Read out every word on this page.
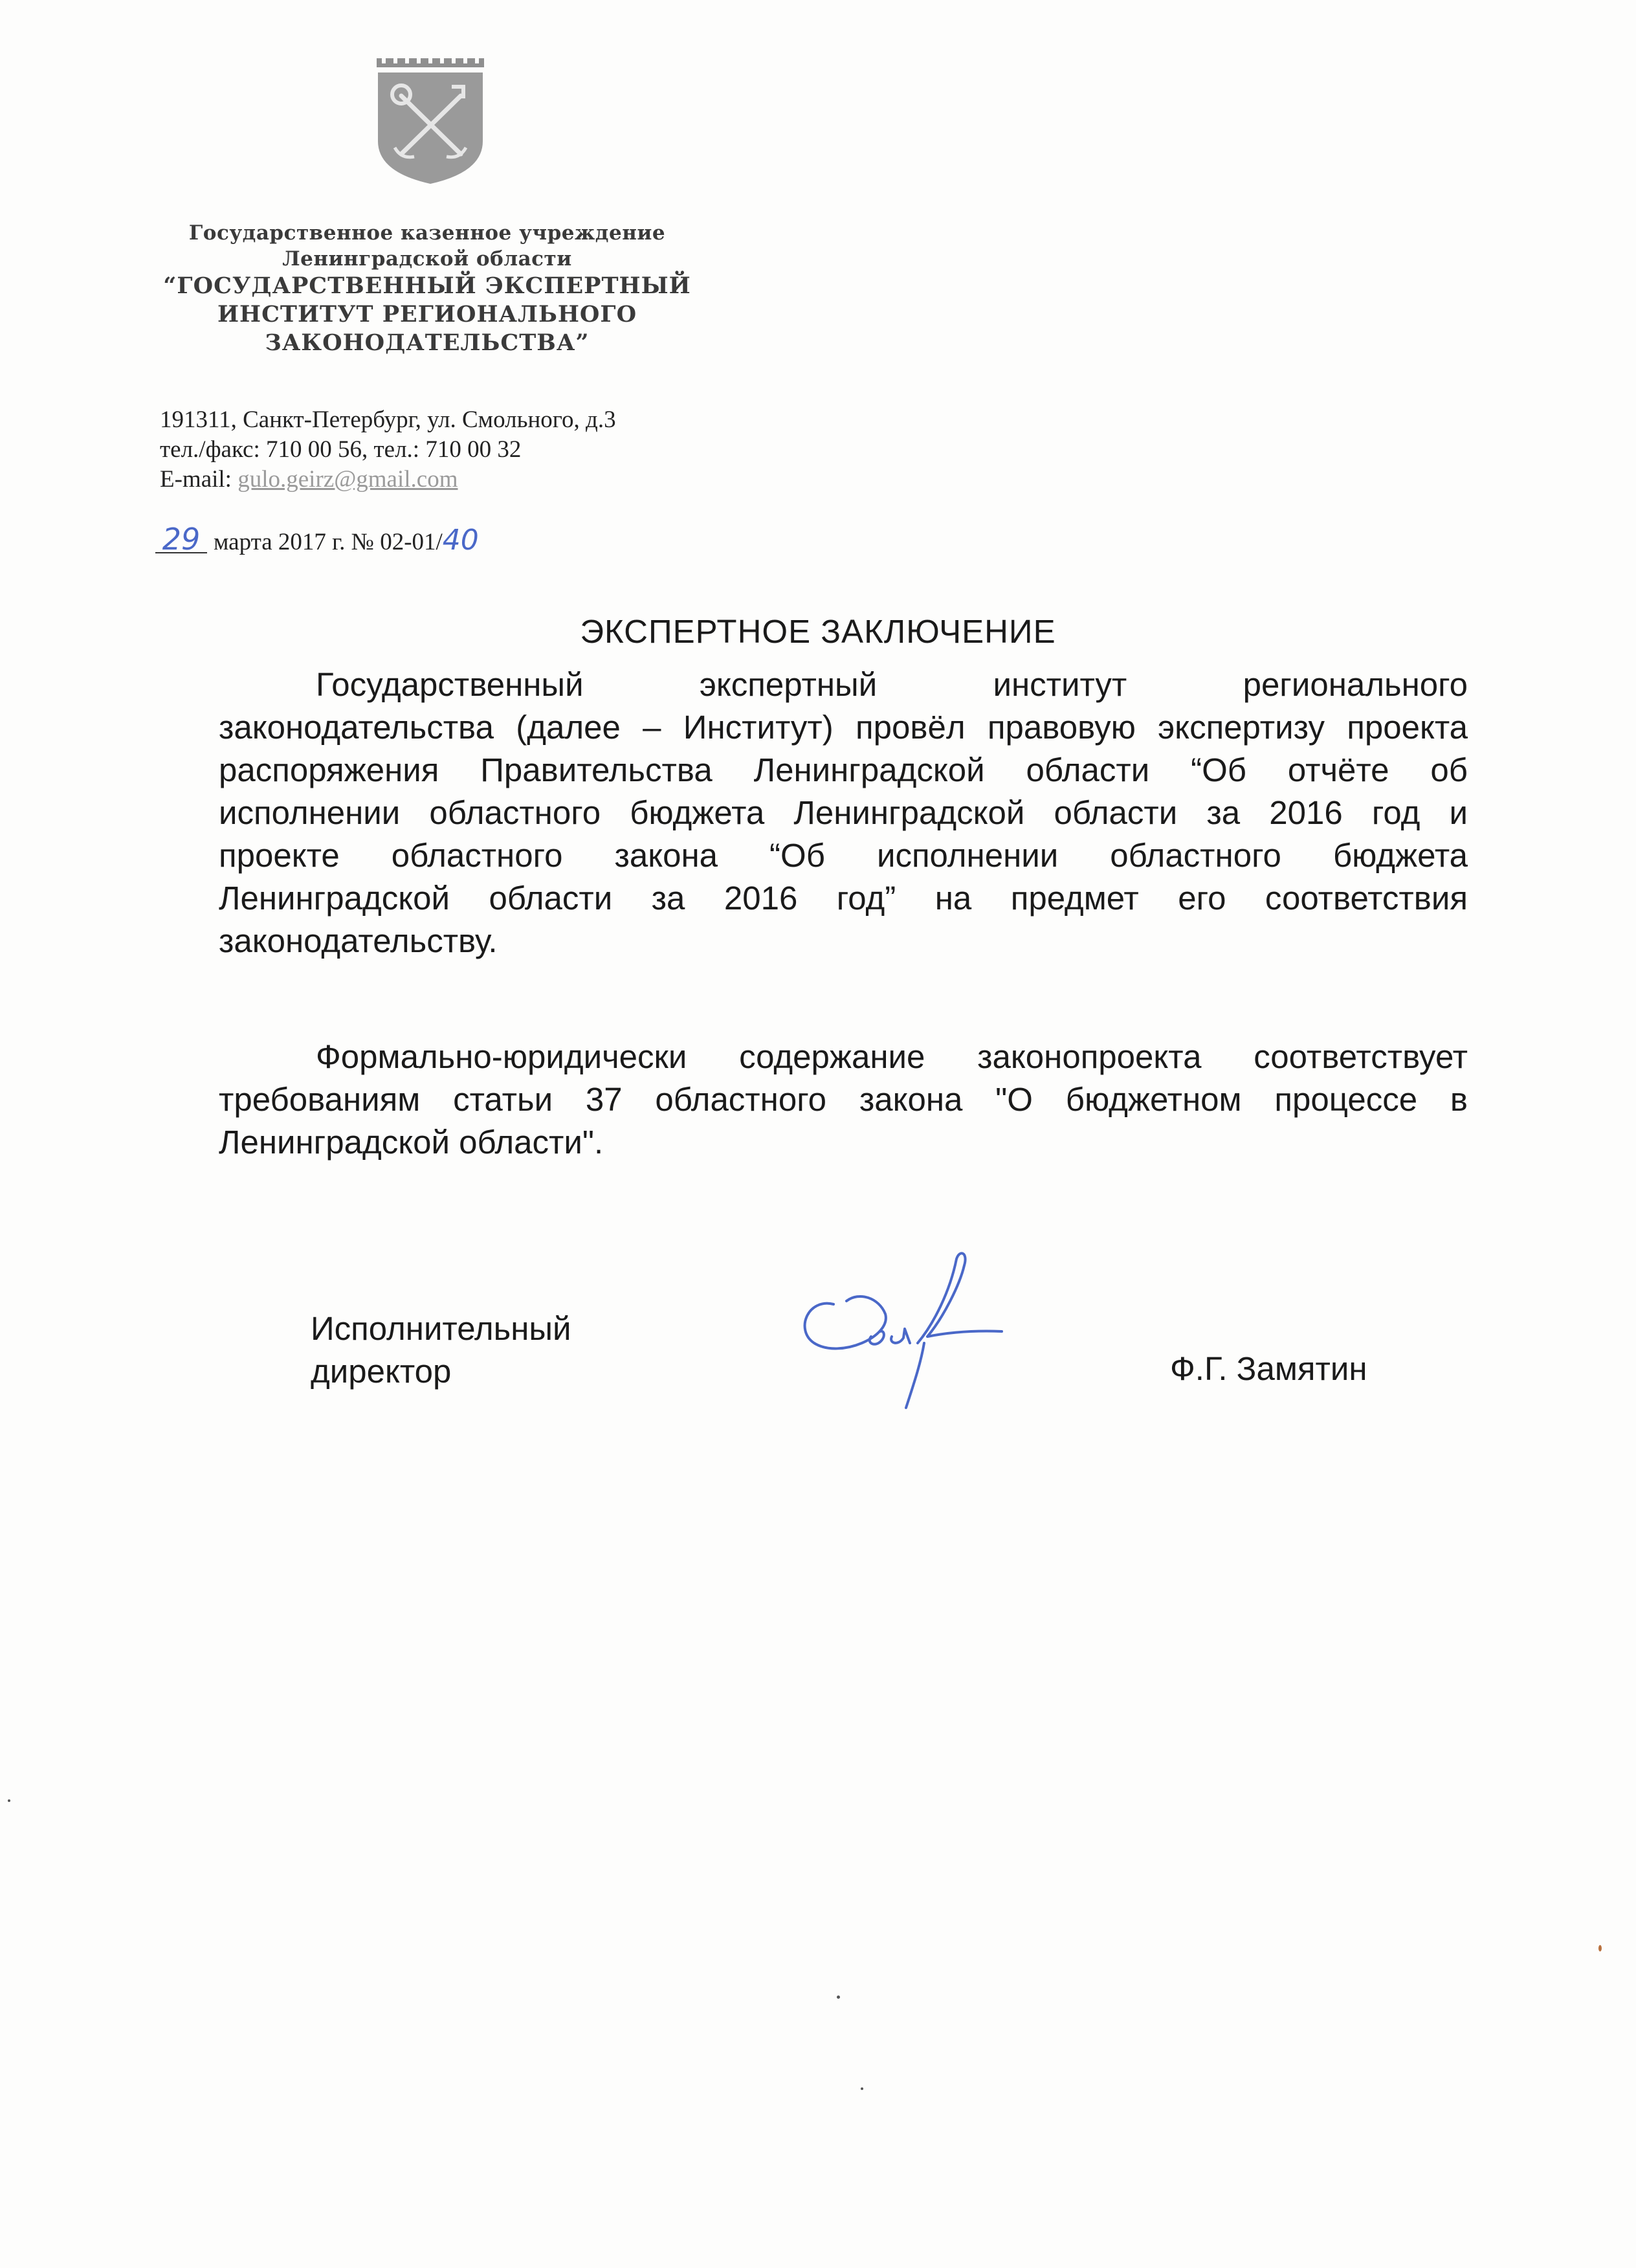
Государственное казенное учреждение
Ленинградской области
“ГОСУДАРСТВЕННЫЙ ЭКСПЕРТНЫЙ
ИНСТИТУТ РЕГИОНАЛЬНОГО
ЗАКОНОДАТЕЛЬСТВА”
191311, Санкт-Петербург, ул. Смольного, д.3
тел./факс: 710 00 56, тел.: 710 00 32
E-mail: gulo.geirz@gmail.com
29 марта 2017 г. № 02-01/40
ЭКСПЕРТНОЕ ЗАКЛЮЧЕНИЕ
Государственный экспертный институт регионального
законодательства (далее – Институт) провёл правовую экспертизу проекта
распоряжения Правительства Ленинградской области “Об отчёте об
исполнении областного бюджета Ленинградской области за 2016 год и
проекте областного закона “Об исполнении областного бюджета
Ленинградской области за 2016 год” на предмет его соответствия
законодательству.
Формально-юридически содержание законопроекта соответствует
требованиям статьи 37 областного закона "О бюджетном процессе в
Ленинградской области".
Исполнительный
директор	Ф.Г. Замятин
